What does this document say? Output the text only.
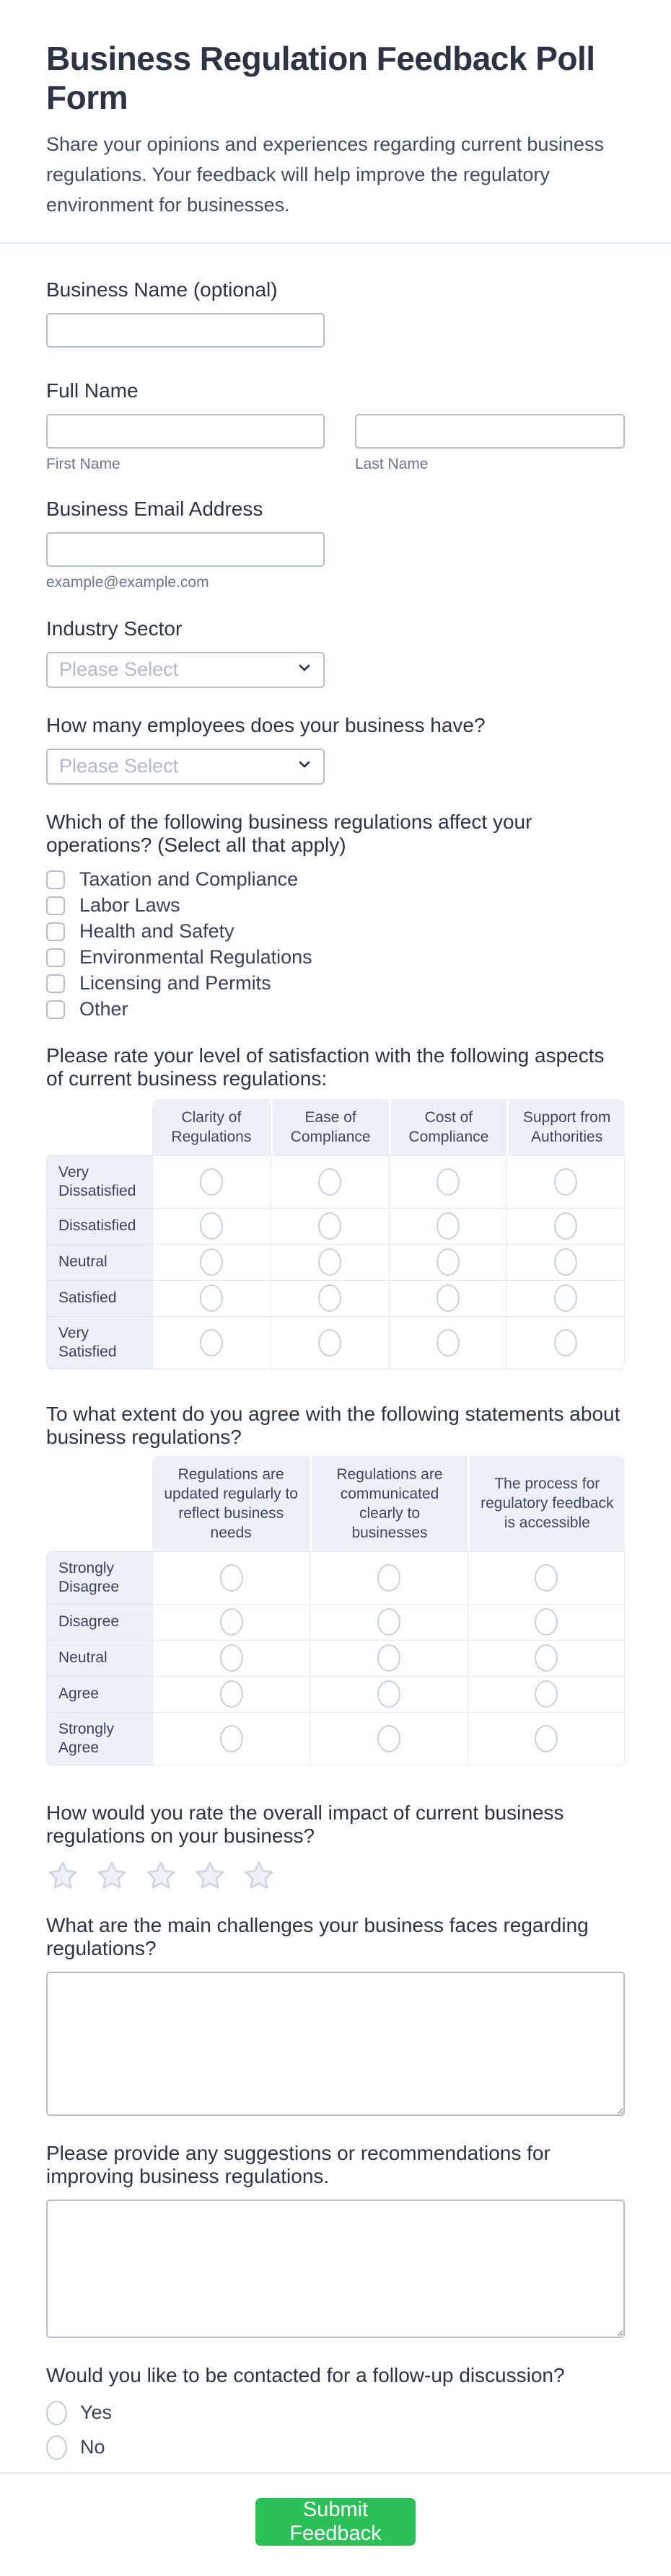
Business Regulation Feedback Poll Form
Share your opinions and experiences regarding current business regulations. Your feedback will help improve the regulatory environment for businesses.
Business Name (optional)
Full Name
First Name	Last Name
Business Email Address
example@example.com
Industry Sector
Please Select
How many employees does your business have?
Please Select
Which of the following business regulations affect your operations? (Select all that apply)
Taxation and Compliance
Labor Laws
Health and Safety
Environmental Regulations
Licensing and Permits
Other
Please rate your level of satisfaction with the following aspects of current business regulations:
Clarity of Regulations
Ease of Compliance
Cost of Compliance
Support from Authorities
Very Dissatisfied
Dissatisfied
Neutral
Satisfied
Very Satisfied
To what extent do you agree with the following statements about business regulations?
Regulations are updated regularly to reflect business needs
Regulations are communicated clearly to businesses
The process for regulatory feedback is accessible
Strongly Disagree
Disagree
Neutral
Agree
Strongly Agree
How would you rate the overall impact of current business regulations on your business?
What are the main challenges your business faces regarding regulations?
Please provide any suggestions or recommendations for improving business regulations.
Would you like to be contacted for a follow-up discussion?
Yes
No
Submit Feedback
